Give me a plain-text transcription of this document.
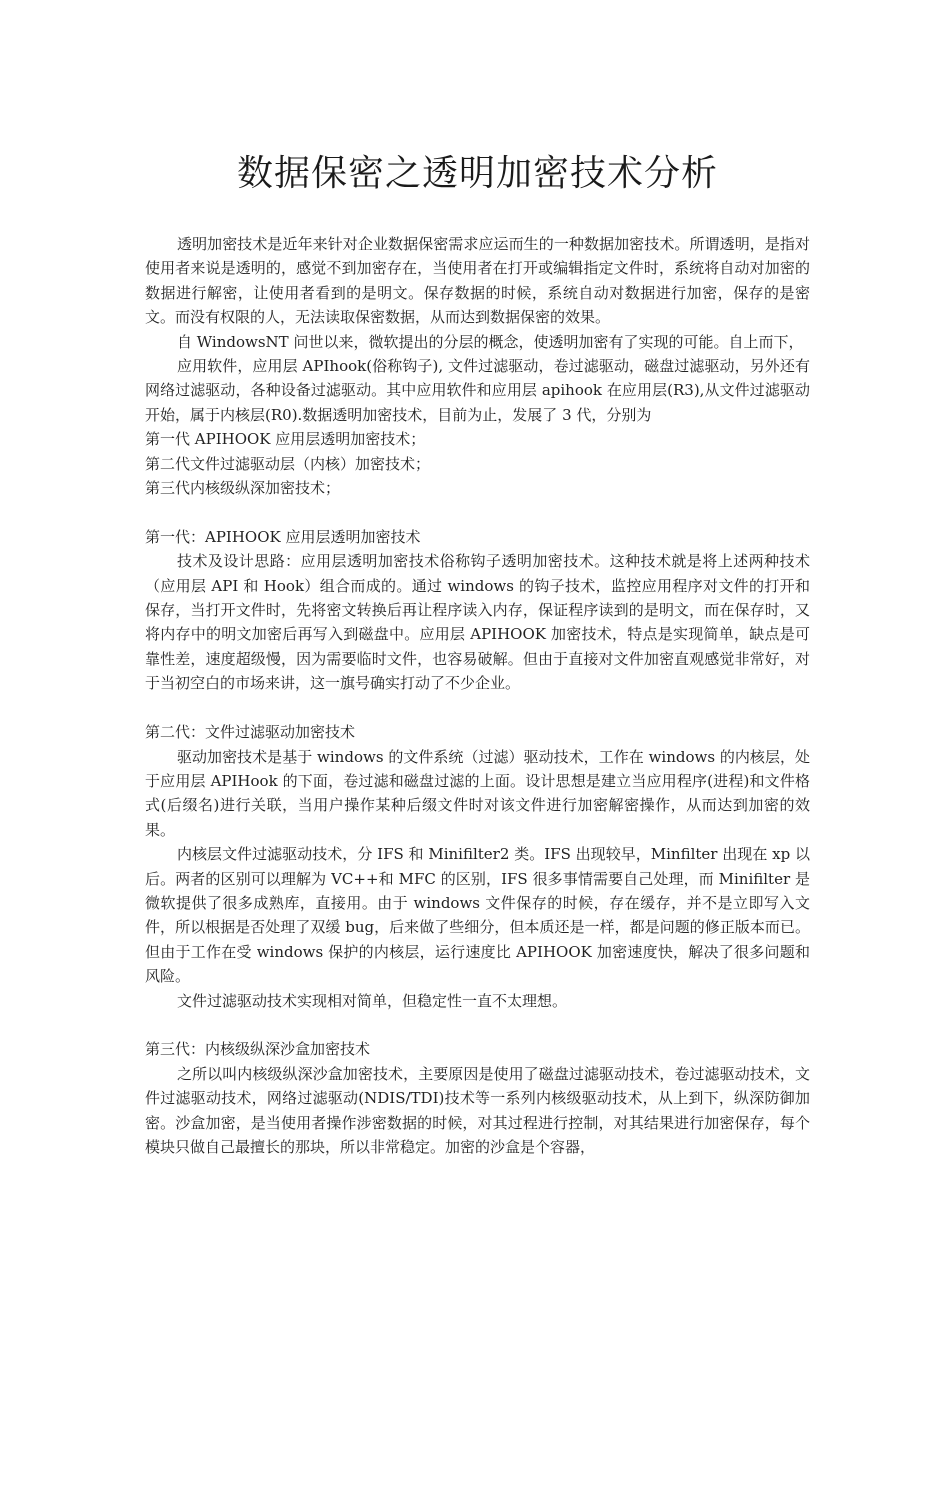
数据保密之透明加密技术分析

透明加密技术是近年来针对企业数据保密需求应运而生的一种数据加密技术。所谓透明，是指对使用者来说是透明的，感觉不到加密存在，当使用者在打开或编辑指定文件时，系统将自动对加密的数据进行解密，让使用者看到的是明文。保存数据的时候，系统自动对数据进行加密，保存的是密文。而没有权限的人，无法读取保密数据，从而达到数据保密的效果。

自 WindowsNT 问世以来，微软提出的分层的概念，使透明加密有了实现的可能。自上而下，

应用软件，应用层 APIhook(俗称钩子), 文件过滤驱动，卷过滤驱动，磁盘过滤驱动，另外还有网络过滤驱动，各种设备过滤驱动。其中应用软件和应用层 apihook 在应用层(R3),从文件过滤驱动开始，属于内核层(R0).数据透明加密技术，目前为止，发展了 3 代，分别为

第一代 APIHOOK 应用层透明加密技术；

第二代文件过滤驱动层（内核）加密技术；

第三代内核级纵深加密技术；

第一代：APIHOOK 应用层透明加密技术

技术及设计思路：应用层透明加密技术俗称钩子透明加密技术。这种技术就是将上述两种技术（应用层 API 和 Hook）组合而成的。通过 windows 的钩子技术，监控应用程序对文件的打开和保存，当打开文件时，先将密文转换后再让程序读入内存，保证程序读到的是明文，而在保存时，又将内存中的明文加密后再写入到磁盘中。应用层 APIHOOK 加密技术，特点是实现简单，缺点是可靠性差，速度超级慢，因为需要临时文件，也容易破解。但由于直接对文件加密直观感觉非常好，对于当初空白的市场来讲，这一旗号确实打动了不少企业。

第二代：文件过滤驱动加密技术

驱动加密技术是基于 windows 的文件系统（过滤）驱动技术，工作在 windows 的内核层，处于应用层 APIHook 的下面，卷过滤和磁盘过滤的上面。设计思想是建立当应用程序(进程)和文件格式(后缀名)进行关联，当用户操作某种后缀文件时对该文件进行加密解密操作，从而达到加密的效果。

内核层文件过滤驱动技术，分 IFS 和 Minifilter2 类。IFS 出现较早，Minfilter 出现在 xp 以后。两者的区别可以理解为 VC++和 MFC 的区别，IFS 很多事情需要自己处理，而 Minifilter 是微软提供了很多成熟库，直接用。由于 windows 文件保存的时候，存在缓存，并不是立即写入文件，所以根据是否处理了双缓 bug，后来做了些细分，但本质还是一样，都是问题的修正版本而已。但由于工作在受 windows 保护的内核层，运行速度比 APIHOOK 加密速度快，解决了很多问题和风险。

文件过滤驱动技术实现相对简单，但稳定性一直不太理想。

第三代：内核级纵深沙盒加密技术

之所以叫内核级纵深沙盒加密技术，主要原因是使用了磁盘过滤驱动技术，卷过滤驱动技术，文件过滤驱动技术，网络过滤驱动(NDIS/TDI)技术等一系列内核级驱动技术，从上到下，纵深防御加密。沙盒加密，是当使用者操作涉密数据的时候，对其过程进行控制，对其结果进行加密保存，每个模块只做自己最擅长的那块，所以非常稳定。加密的沙盒是个容器，
